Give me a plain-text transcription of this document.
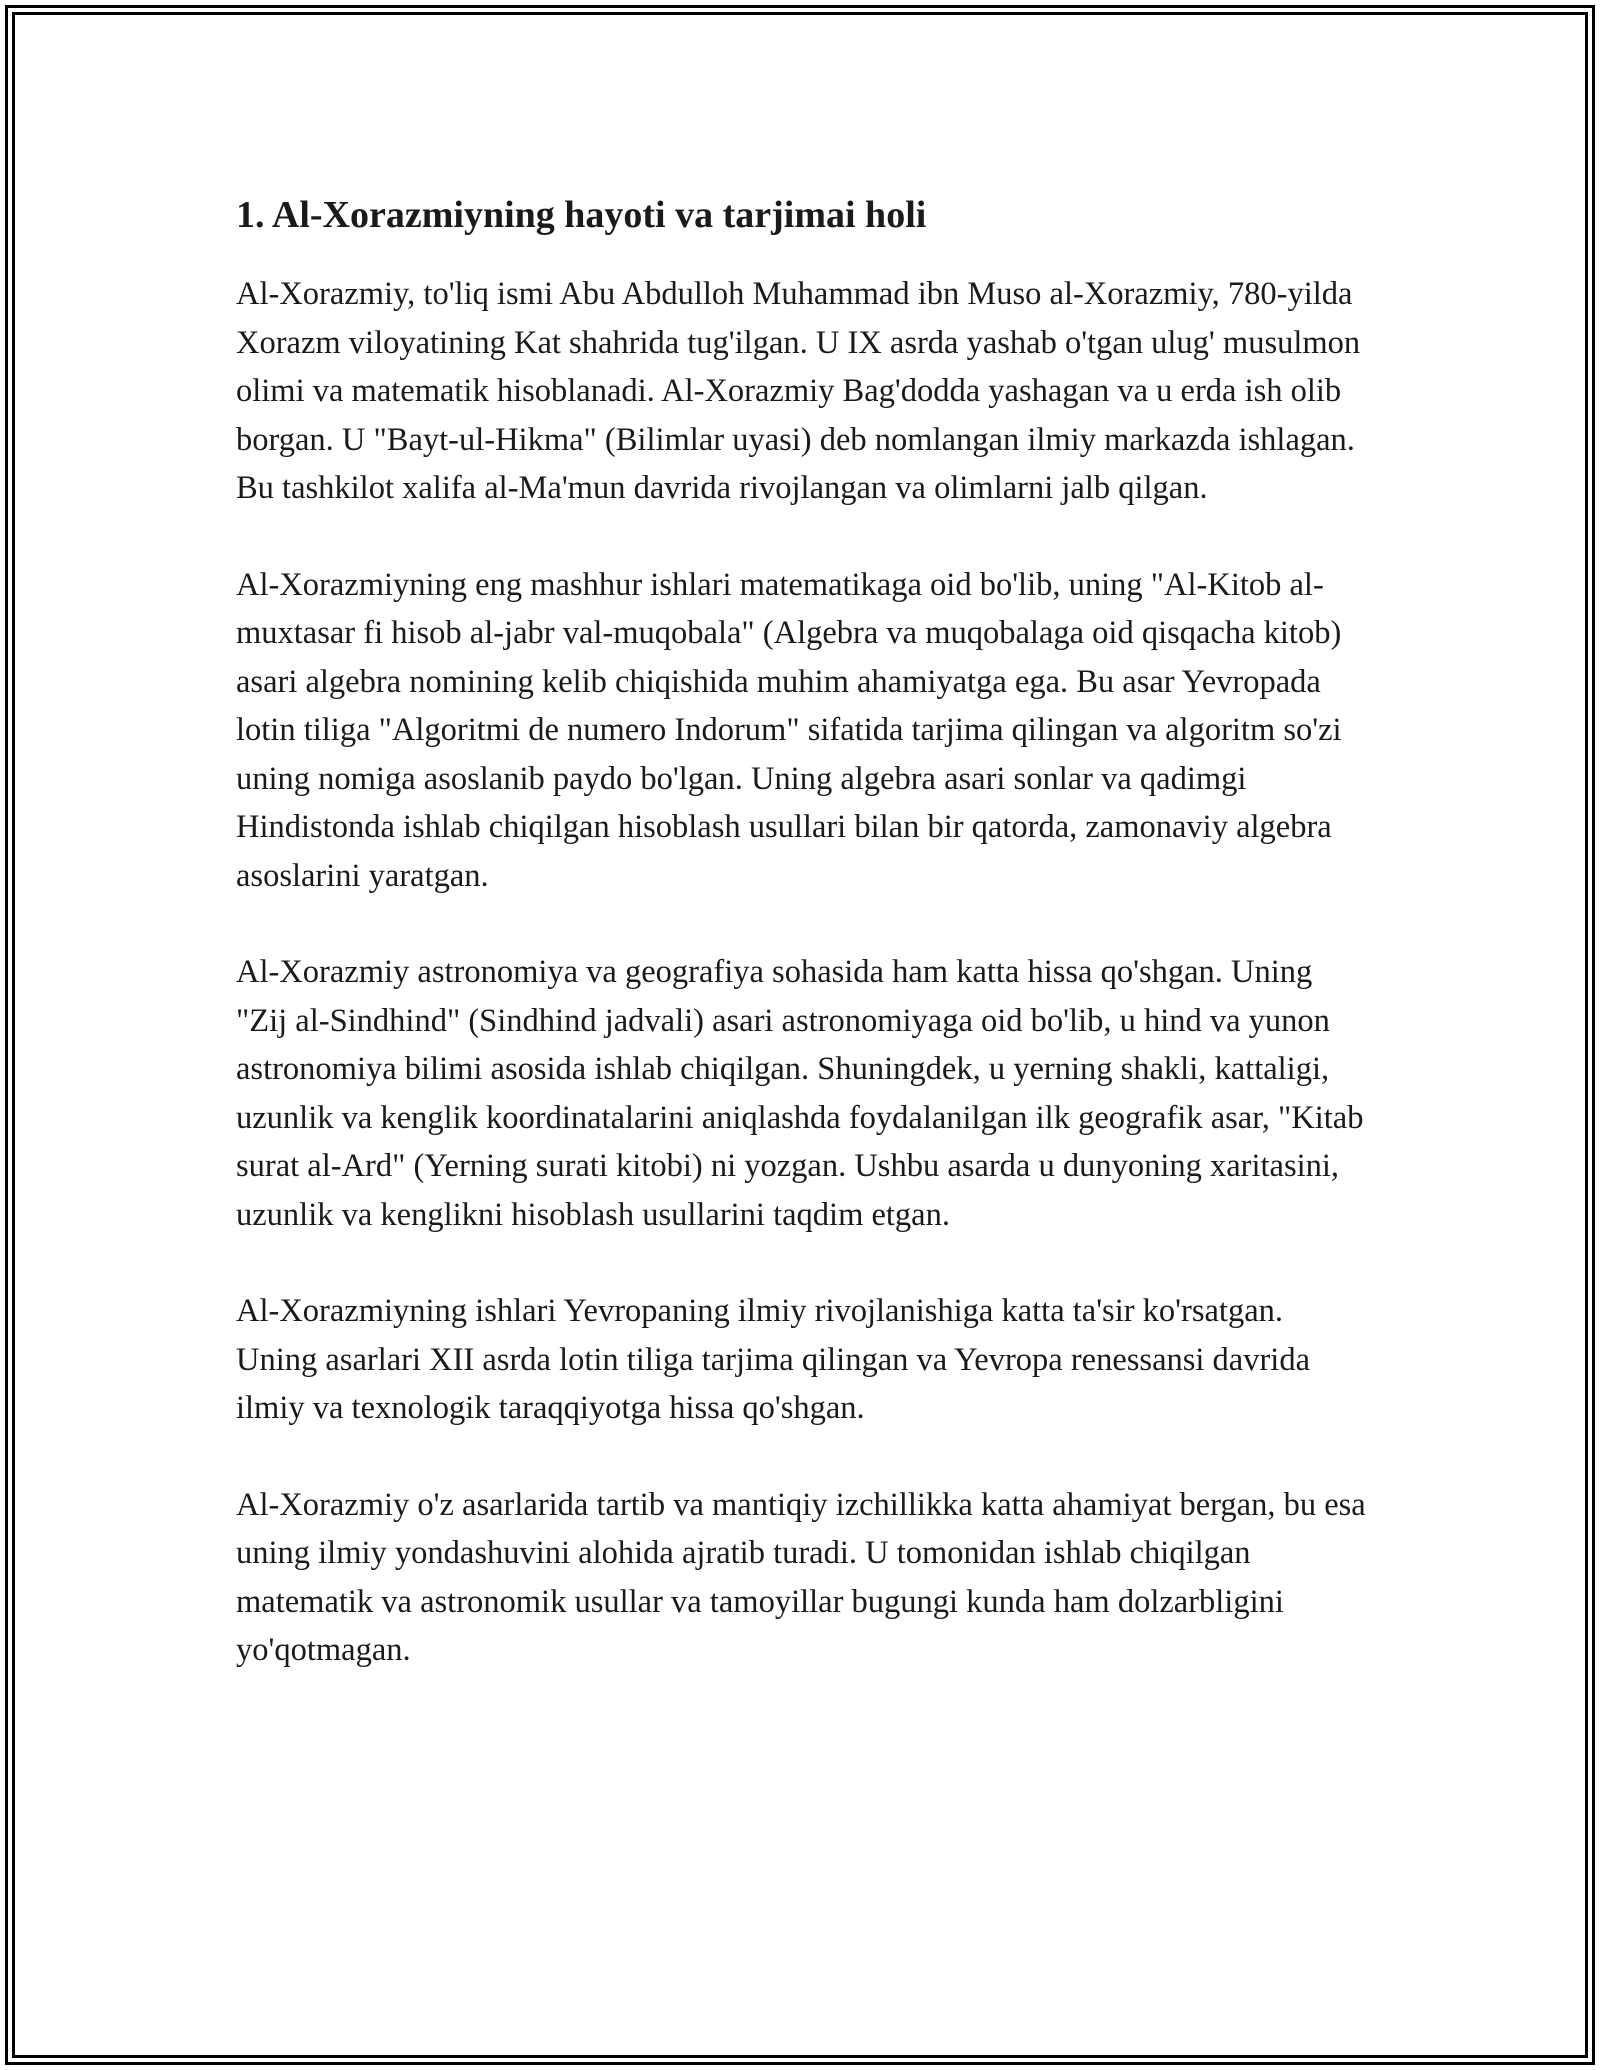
1. Al-Xorazmiyning hayoti va tarjimai holi

Al-Xorazmiy, to'liq ismi Abu Abdulloh Muhammad ibn Muso al-Xorazmiy, 780-yilda Xorazm viloyatining Kat shahrida tug'ilgan. U IX asrda yashab o'tgan ulug' musulmon olimi va matematik hisoblanadi. Al-Xorazmiy Bag'dodda yashagan va u erda ish olib borgan. U "Bayt-ul-Hikma" (Bilimlar uyasi) deb nomlangan ilmiy markazda ishlagan. Bu tashkilot xalifa al-Ma'mun davrida rivojlangan va olimlarni jalb qilgan.

Al-Xorazmiyning eng mashhur ishlari matematikaga oid bo'lib, uning "Al-Kitob al-muxtasar fi hisob al-jabr val-muqobala" (Algebra va muqobalaga oid qisqacha kitob) asari algebra nomining kelib chiqishida muhim ahamiyatga ega. Bu asar Yevropada lotin tiliga "Algoritmi de numero Indorum" sifatida tarjima qilingan va algoritm so'zi uning nomiga asoslanib paydo bo'lgan. Uning algebra asari sonlar va qadimgi Hindistonda ishlab chiqilgan hisoblash usullari bilan bir qatorda, zamonaviy algebra asoslarini yaratgan.

Al-Xorazmiy astronomiya va geografiya sohasida ham katta hissa qo'shgan. Uning "Zij al-Sindhind" (Sindhind jadvali) asari astronomiyaga oid bo'lib, u hind va yunon astronomiya bilimi asosida ishlab chiqilgan. Shuningdek, u yerning shakli, kattaligi, uzunlik va kenglik koordinatalarini aniqlashda foydalanilgan ilk geografik asar, "Kitab surat al-Ard" (Yerning surati kitobi) ni yozgan. Ushbu asarda u dunyoning xaritasini, uzunlik va kenglikni hisoblash usullarini taqdim etgan.

Al-Xorazmiyning ishlari Yevropaning ilmiy rivojlanishiga katta ta'sir ko'rsatgan. Uning asarlari XII asrda lotin tiliga tarjima qilingan va Yevropa renessansi davrida ilmiy va texnologik taraqqiyotga hissa qo'shgan.

Al-Xorazmiy o'z asarlarida tartib va mantiqiy izchillikka katta ahamiyat bergan, bu esa uning ilmiy yondashuvini alohida ajratib turadi. U tomonidan ishlab chiqilgan matematik va astronomik usullar va tamoyillar bugungi kunda ham dolzarbligini yo'qotmagan.
